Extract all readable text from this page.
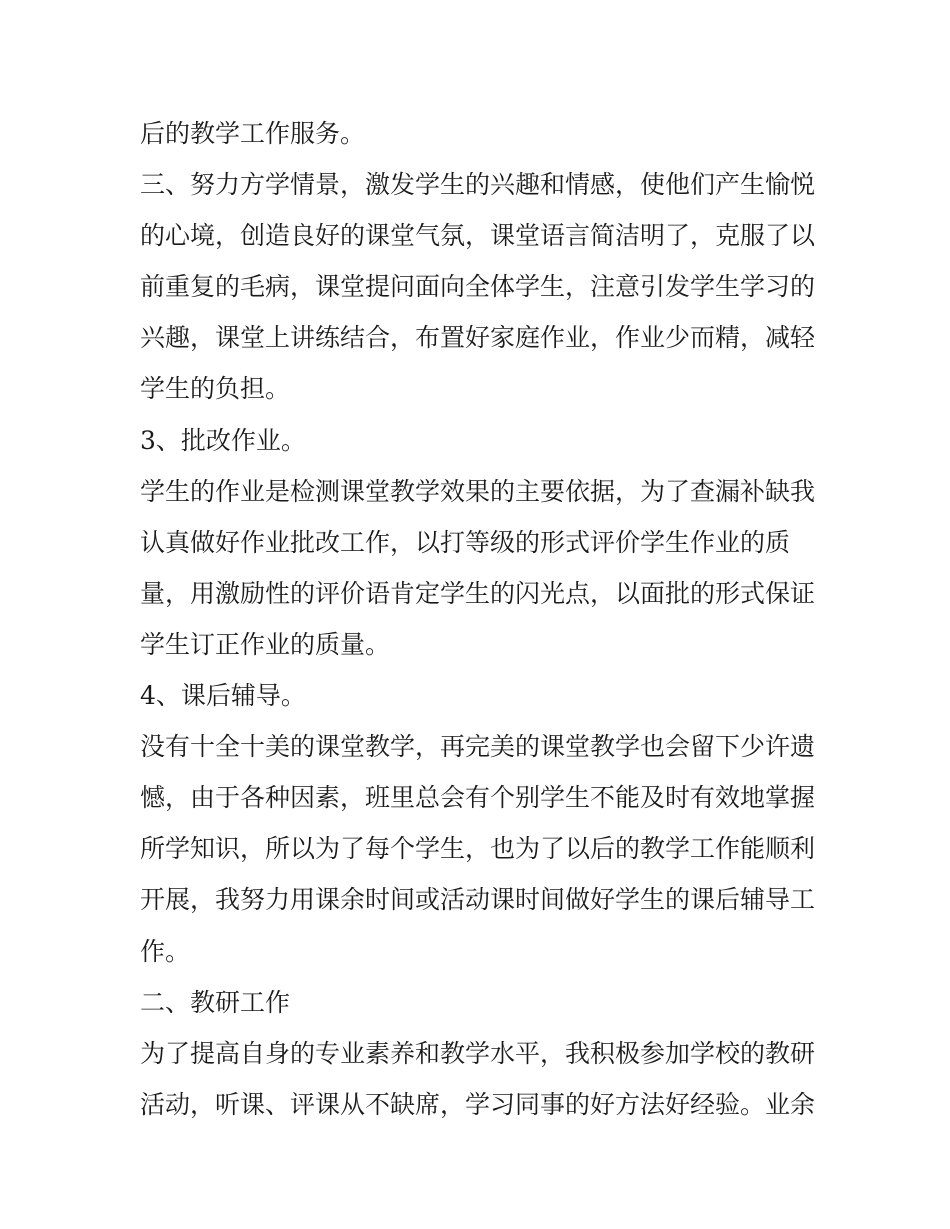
后的教学工作服务。
三、努力方学情景，激发学生的兴趣和情感，使他们产生愉悦
的心境，创造良好的课堂气氛，课堂语言简洁明了，克服了以
前重复的毛病，课堂提问面向全体学生，注意引发学生学习的
兴趣，课堂上讲练结合，布置好家庭作业，作业少而精，减轻
学生的负担。
3、批改作业。
学生的作业是检测课堂教学效果的主要依据，为了查漏补缺我
认真做好作业批改工作，以打等级的形式评价学生作业的质
量，用激励性的评价语肯定学生的闪光点，以面批的形式保证
学生订正作业的质量。
4、课后辅导。
没有十全十美的课堂教学，再完美的课堂教学也会留下少许遗
憾，由于各种因素，班里总会有个别学生不能及时有效地掌握
所学知识，所以为了每个学生，也为了以后的教学工作能顺利
开展，我努力用课余时间或活动课时间做好学生的课后辅导工
作。
二、教研工作
为了提高自身的专业素养和教学水平，我积极参加学校的教研
活动，听课、评课从不缺席，学习同事的好方法好经验。业余
